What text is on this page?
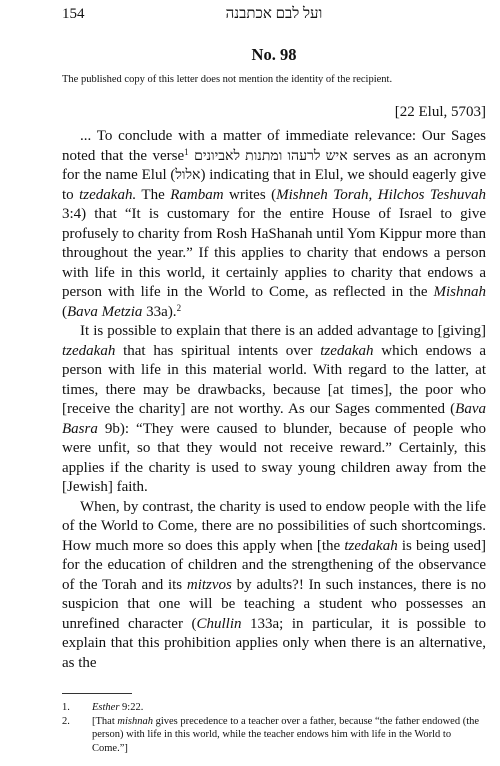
154	ועל לבם אכתבנה
No. 98
The published copy of this letter does not mention the identity of the recipient.
[22 Elul, 5703]

... To conclude with a matter of immediate relevance: Our Sages noted that the verse$^1$ איש לרעהו ומתנות לאביונים serves as an acronym for the name Elul (אלול) indicating that in Elul, we should eagerly give to tzedakah. The Rambam writes (Mishneh Torah, Hilchos Teshuvah 3:4) that “It is customary for the entire House of Israel to give profusely to charity from Rosh HaShanah until Yom Kippur more than throughout the year.” If this applies to charity that endows a person with life in this world, it certainly applies to charity that endows a person with life in the World to Come, as reflected in the Mishnah (Bava Metzia 33a).$^2$

It is possible to explain that there is an added advantage to [giving] tzedakah that has spiritual intents over tzedakah which endows a person with life in this material world. With regard to the latter, at times, there may be drawbacks, because [at times], the poor who [receive the charity] are not worthy. As our Sages commented (Bava Basra 9b): “They were caused to blunder, because of people who were unfit, so that they would not receive reward.” Certainly, this applies if the charity is used to sway young children away from the [Jewish] faith.

When, by contrast, the charity is used to endow people with the life of the World to Come, there are no possibilities of such shortcomings. How much more so does this apply when [the tzedakah is being used] for the education of children and the strengthening of the observance of the Torah and its mitzvos by adults?! In such instances, there is no suspicion that one will be teaching a student who possesses an unrefined character (Chullin 133a; in particular, it is possible to explain that this prohibition applies only when there is an alternative, as the

1. Esther 9:22.
2. [That mishnah gives precedence to a teacher over a father, because “the father endowed (the person) with life in this world, while the teacher endows him with life in the World to Come.”]
